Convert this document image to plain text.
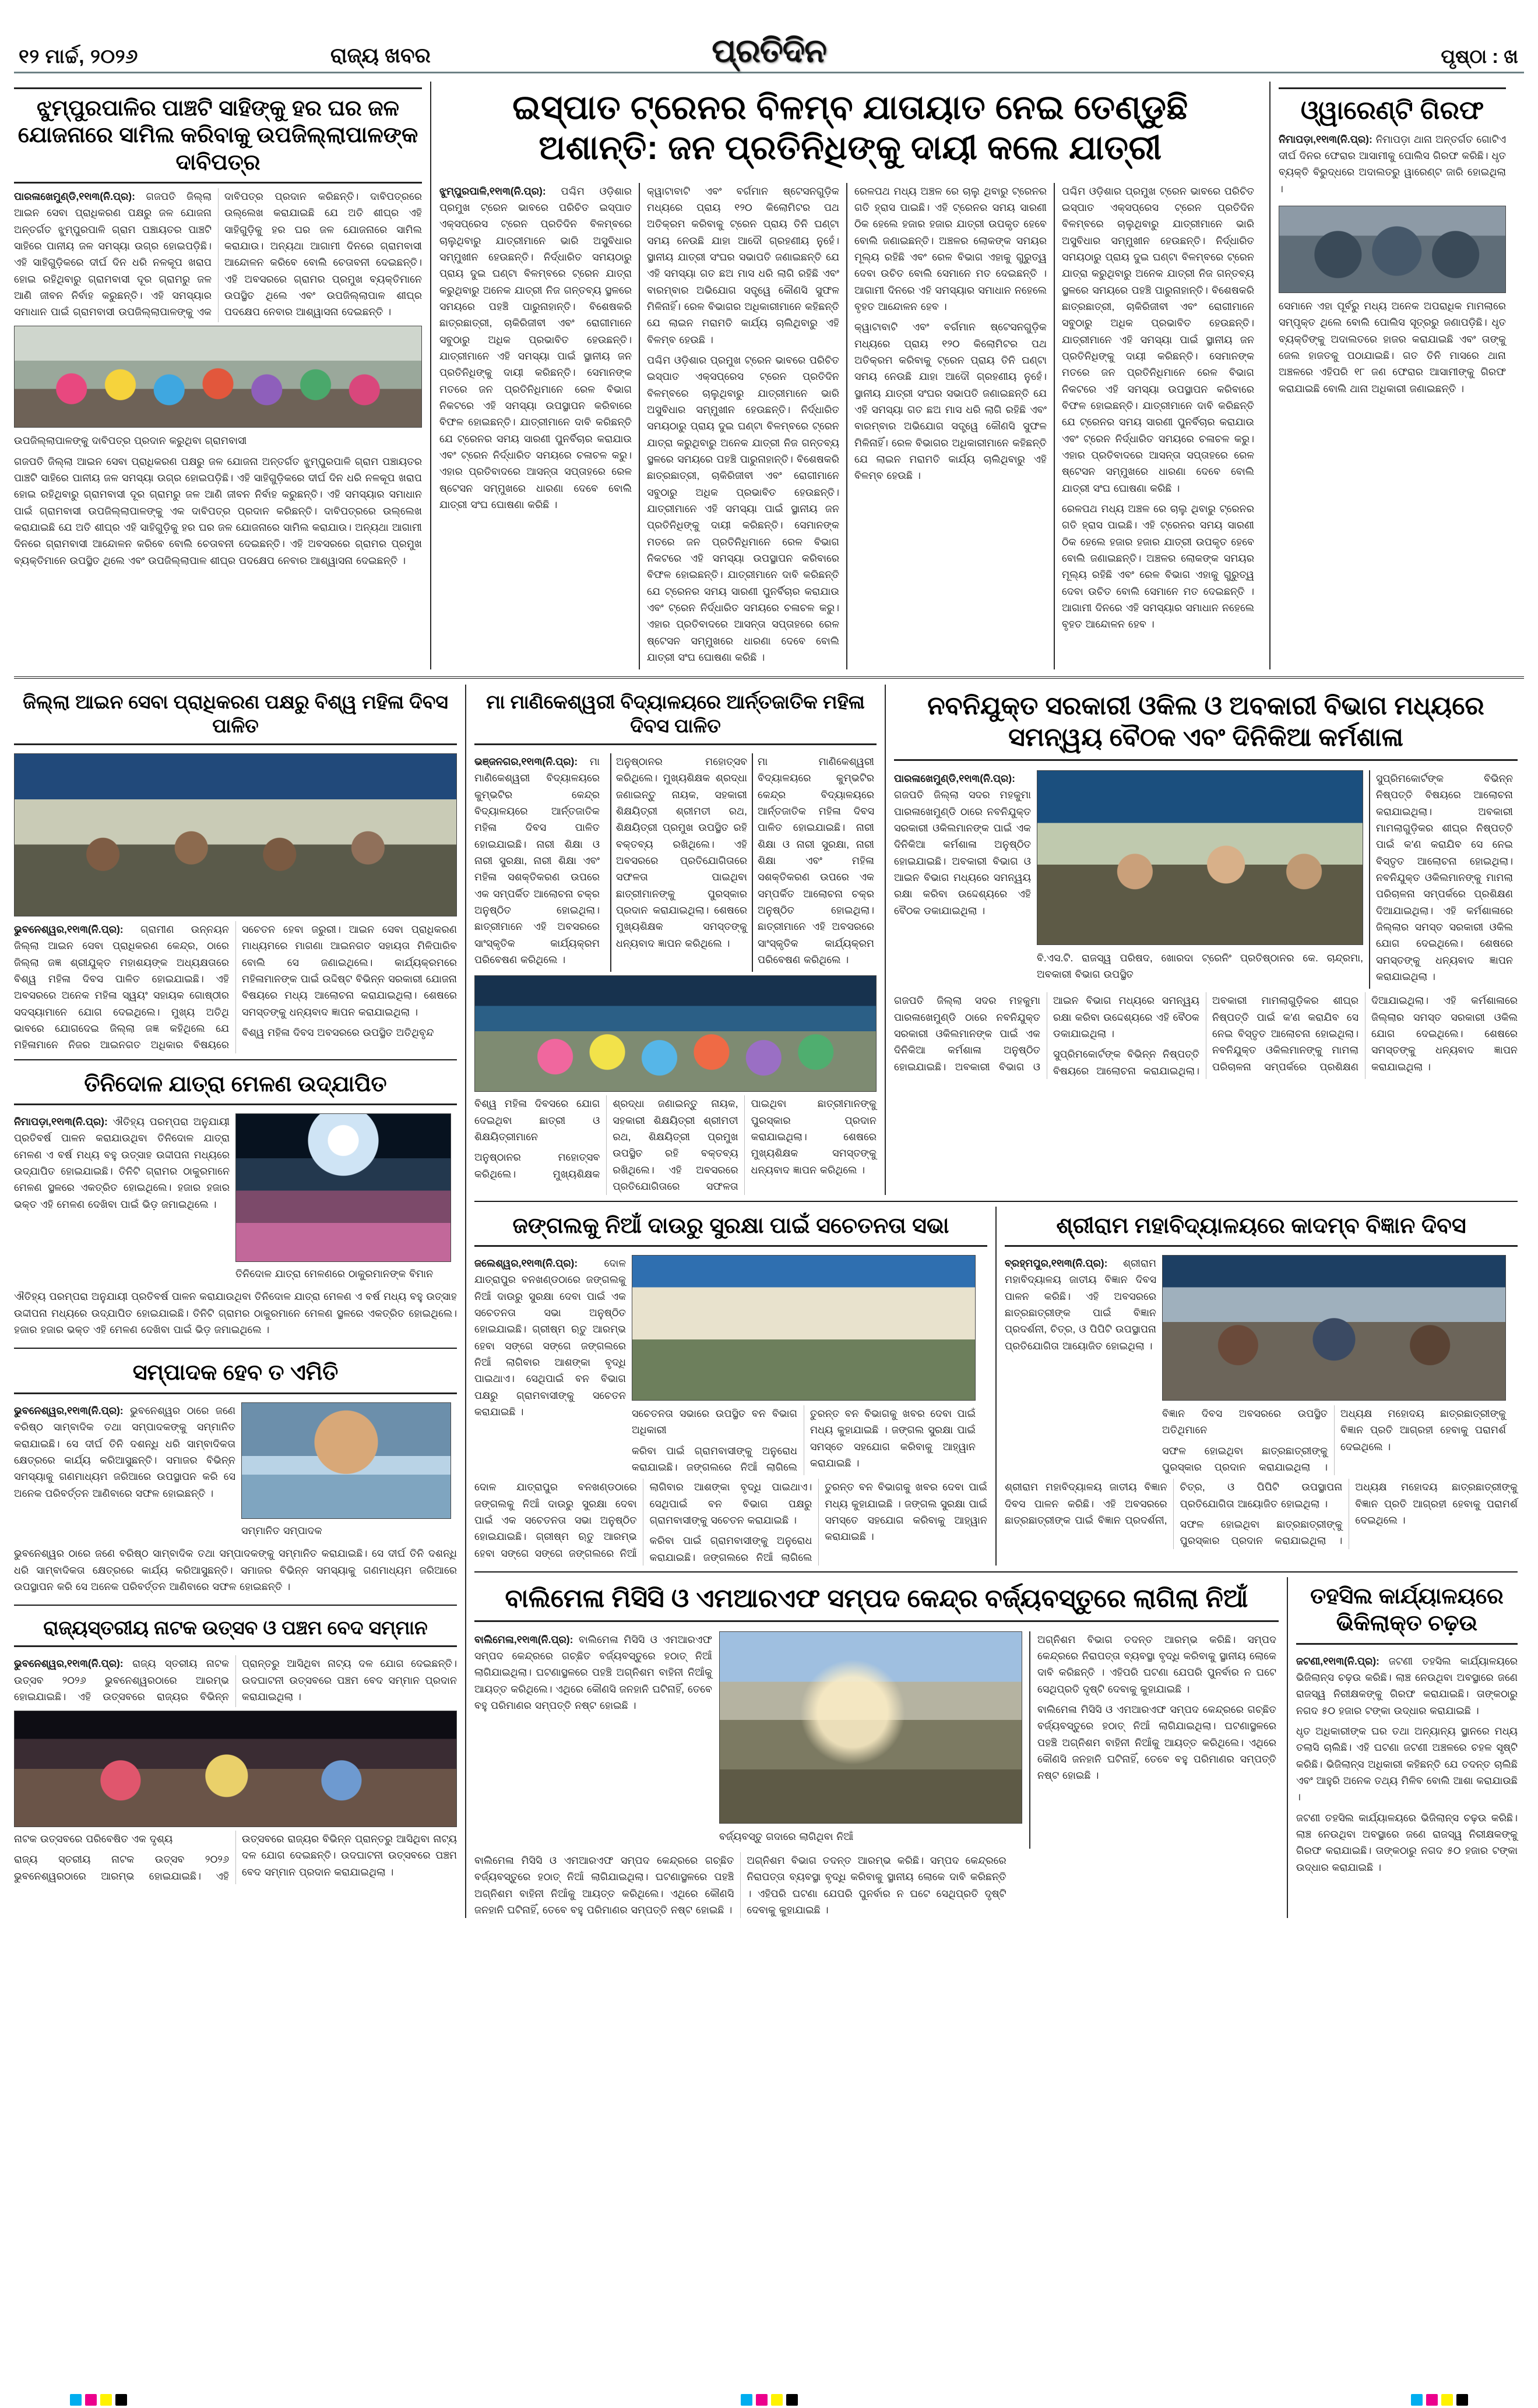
୧୨ ମାର୍ଚ୍ଚ, ୨୦୨୬	ରାଜ୍ୟ ଖବର	ପ୍ରତିଦିନ	ପୃଷ୍ଠା : ଖ
ଝୁମ୍ପୁରପାଳିର ପାଞ୍ଚଟି ସାହିଙ୍କୁ ହର ଘର ଜଳ ଯୋଜନାରେ ସାମିଲ କରିବାକୁ ଉପଜିଲ୍ଲାପାଳଙ୍କ ଦାବିପତ୍ର

ପାରଳାଖେମୁଣ୍ଡି,୧୧ା୩(ନି.ପ୍ର): ଗଜପତି ଜିଲ୍ଲା ଆଇନ ସେବା ପ୍ରାଧିକରଣ ପକ୍ଷରୁ ଜଳ ଯୋଜନା ଅନ୍ତର୍ଗତ ଝୁମ୍ପୁରପାଳି ଗ୍ରାମ ପଞ୍ଚାୟତର ପାଞ୍ଚଟି ସାହିରେ ପାନୀୟ ଜଳ ସମସ୍ୟା ଉଗ୍ର ହୋଇପଡ଼ିଛି। ଏହି ସାହିଗୁଡ଼ିକରେ ଦୀର୍ଘ ଦିନ ଧରି ନଳକୂପ ଖରାପ ହୋଇ ରହିଥିବାରୁ ଗ୍ରାମବାସୀ ଦୂର ଗ୍ରାମରୁ ଜଳ ଆଣି ଜୀବନ ନିର୍ବାହ କରୁଛନ୍ତି। ଏହି ସମସ୍ୟାର ସମାଧାନ ପାଇଁ ଗ୍ରାମବାସୀ ଉପଜିଲ୍ଲାପାଳଙ୍କୁ ଏକ ଦାବିପତ୍ର ପ୍ରଦାନ କରିଛନ୍ତି। ଦାବିପତ୍ରରେ ଉଲ୍ଲେଖ କରାଯାଇଛି ଯେ ଅତି ଶୀଘ୍ର ଏହି ସାହିଗୁଡ଼ିକୁ ହର ଘର ଜଳ ଯୋଜନାରେ ସାମିଲ କରାଯାଉ। ଅନ୍ୟଥା ଆଗାମୀ ଦିନରେ ଗ୍ରାମବାସୀ ଆନ୍ଦୋଳନ କରିବେ ବୋଲି ଚେତାବନୀ ଦେଇଛନ୍ତି। ଏହି ଅବସରରେ ଗ୍ରାମର ପ୍ରମୁଖ ବ୍ୟକ୍ତିମାନେ ଉପସ୍ଥିତ ଥିଲେ ଏବଂ ଉପଜିଲ୍ଲାପାଳ ଶୀଘ୍ର ପଦକ୍ଷେପ ନେବାର ଆଶ୍ୱାସନା ଦେଇଛନ୍ତି ।

ଉପଜିଲ୍ଲାପାଳଙ୍କୁ ଦାବିପତ୍ର ପ୍ରଦାନ କରୁଥିବା ଗ୍ରାମବାସୀ

ଗଜପତି ଜିଲ୍ଲା ଆଇନ ସେବା ପ୍ରାଧିକରଣ ପକ୍ଷରୁ ଜଳ ଯୋଜନା ଅନ୍ତର୍ଗତ ଝୁମ୍ପୁରପାଳି ଗ୍ରାମ ପଞ୍ଚାୟତର ପାଞ୍ଚଟି ସାହିରେ ପାନୀୟ ଜଳ ସମସ୍ୟା ଉଗ୍ର ହୋଇପଡ଼ିଛି। ଏହି ସାହିଗୁଡ଼ିକରେ ଦୀର୍ଘ ଦିନ ଧରି ନଳକୂପ ଖରାପ ହୋଇ ରହିଥିବାରୁ ଗ୍ରାମବାସୀ ଦୂର ଗ୍ରାମରୁ ଜଳ ଆଣି ଜୀବନ ନିର୍ବାହ କରୁଛନ୍ତି। ଏହି ସମସ୍ୟାର ସମାଧାନ ପାଇଁ ଗ୍ରାମବାସୀ ଉପଜିଲ୍ଲାପାଳଙ୍କୁ ଏକ ଦାବିପତ୍ର ପ୍ରଦାନ କରିଛନ୍ତି। ଦାବିପତ୍ରରେ ଉଲ୍ଲେଖ କରାଯାଇଛି ଯେ ଅତି ଶୀଘ୍ର ଏହି ସାହିଗୁଡ଼ିକୁ ହର ଘର ଜଳ ଯୋଜନାରେ ସାମିଲ କରାଯାଉ। ଅନ୍ୟଥା ଆଗାମୀ ଦିନରେ ଗ୍ରାମବାସୀ ଆନ୍ଦୋଳନ କରିବେ ବୋଲି ଚେତାବନୀ ଦେଇଛନ୍ତି। ଏହି ଅବସରରେ ଗ୍ରାମର ପ୍ରମୁଖ ବ୍ୟକ୍ତିମାନେ ଉପସ୍ଥିତ ଥିଲେ ଏବଂ ଉପଜିଲ୍ଲାପାଳ ଶୀଘ୍ର ପଦକ୍ଷେପ ନେବାର ଆଶ୍ୱାସନା ଦେଇଛନ୍ତି ।

ଇସ୍ପାତ ଟ୍ରେନର ବିଳମ୍ବ ଯାତାୟାତ ନେଇ ତେଣ୍ଡୁଛି
ଅଶାନ୍ତି: ଜନ ପ୍ରତିନିଧିଙ୍କୁ ଦାୟୀ କଲେ ଯାତ୍ରୀ

ଝୁମ୍ପୁରପାଳି,୧୧ା୩(ନି.ପ୍ର): ପଶ୍ଚିମ ଓଡ଼ିଶାର ପ୍ରମୁଖ ଟ୍ରେନ ଭାବରେ ପରିଚିତ ଇସ୍ପାତ ଏକ୍ସପ୍ରେସ ଟ୍ରେନ ପ୍ରତିଦିନ ବିଳମ୍ବରେ ଚାଲୁଥିବାରୁ ଯାତ୍ରୀମାନେ ଭାରି ଅସୁବିଧାର ସମ୍ମୁଖୀନ ହେଉଛନ୍ତି। ନିର୍ଦ୍ଧାରିତ ସମୟଠାରୁ ପ୍ରାୟ ଦୁଇ ଘଣ୍ଟା ବିଳମ୍ବରେ ଟ୍ରେନ ଯାତ୍ରା କରୁଥିବାରୁ ଅନେକ ଯାତ୍ରୀ ନିଜ ଗନ୍ତବ୍ୟ ସ୍ଥଳରେ ସମୟରେ ପହଞ୍ଚି ପାରୁନାହାନ୍ତି। ବିଶେଷକରି ଛାତ୍ରଛାତ୍ରୀ, ଚାକିରିଜୀବୀ ଏବଂ ରୋଗୀମାନେ ସବୁଠାରୁ ଅଧିକ ପ୍ରଭାବିତ ହେଉଛନ୍ତି। ଯାତ୍ରୀମାନେ ଏହି ସମସ୍ୟା ପାଇଁ ସ୍ଥାନୀୟ ଜନ ପ୍ରତିନିଧିଙ୍କୁ ଦାୟୀ କରିଛନ୍ତି। ସେମାନଙ୍କ ମତରେ ଜନ ପ୍ରତିନିଧିମାନେ ରେଳ ବିଭାଗ ନିକଟରେ ଏହି ସମସ୍ୟା ଉପସ୍ଥାପନ କରିବାରେ ବିଫଳ ହୋଇଛନ୍ତି। ଯାତ୍ରୀମାନେ ଦାବି କରିଛନ୍ତି ଯେ ଟ୍ରେନର ସମୟ ସାରଣୀ ପୁନର୍ବିଚାର କରାଯାଉ ଏବଂ ଟ୍ରେନ ନିର୍ଦ୍ଧାରିତ ସମୟରେ ଚଳାଚଳ କରୁ। ଏହାର ପ୍ରତିବାଦରେ ଆସନ୍ତା ସପ୍ତାହରେ ରେଳ ଷ୍ଟେସନ ସମ୍ମୁଖରେ ଧାରଣା ଦେବେ ବୋଲି ଯାତ୍ରୀ ସଂଘ ଘୋଷଣା କରିଛି ।

କ୍ୱାଟାବାଟି ଏବଂ ବର୍ଗମାନ ଷ୍ଟେସନଗୁଡ଼ିକ ମଧ୍ୟରେ ପ୍ରାୟ ୧୨୦ କିଲୋମିଟର ପଥ ଅତିକ୍ରମ କରିବାକୁ ଟ୍ରେନ ପ୍ରାୟ ତିନି ଘଣ୍ଟା ସମୟ ନେଉଛି ଯାହା ଆଦୌ ଗ୍ରହଣୀୟ ନୁହେଁ। ସ୍ଥାନୀୟ ଯାତ୍ରୀ ସଂଘର ସଭାପତି ଜଣାଇଛନ୍ତି ଯେ ଏହି ସମସ୍ୟା ଗତ ଛଅ ମାସ ଧରି ଲାଗି ରହିଛି ଏବଂ ବାରମ୍ବାର ଅଭିଯୋଗ ସତ୍ତ୍ୱେ କୌଣସି ସୁଫଳ ମିଳିନାହିଁ। ରେଳ ବିଭାଗର ଅଧିକାରୀମାନେ କହିଛନ୍ତି ଯେ ଲାଇନ ମରାମତି କାର୍ଯ୍ୟ ଚାଲିଥିବାରୁ ଏହି ବିଳମ୍ବ ହେଉଛି ।

ପଶ୍ଚିମ ଓଡ଼ିଶାର ପ୍ରମୁଖ ଟ୍ରେନ ଭାବରେ ପରିଚିତ ଇସ୍ପାତ ଏକ୍ସପ୍ରେସ ଟ୍ରେନ ପ୍ରତିଦିନ ବିଳମ୍ବରେ ଚାଲୁଥିବାରୁ ଯାତ୍ରୀମାନେ ଭାରି ଅସୁବିଧାର ସମ୍ମୁଖୀନ ହେଉଛନ୍ତି। ନିର୍ଦ୍ଧାରିତ ସମୟଠାରୁ ପ୍ରାୟ ଦୁଇ ଘଣ୍ଟା ବିଳମ୍ବରେ ଟ୍ରେନ ଯାତ୍ରା କରୁଥିବାରୁ ଅନେକ ଯାତ୍ରୀ ନିଜ ଗନ୍ତବ୍ୟ ସ୍ଥଳରେ ସମୟରେ ପହଞ୍ଚି ପାରୁନାହାନ୍ତି। ବିଶେଷକରି ଛାତ୍ରଛାତ୍ରୀ, ଚାକିରିଜୀବୀ ଏବଂ ରୋଗୀମାନେ ସବୁଠାରୁ ଅଧିକ ପ୍ରଭାବିତ ହେଉଛନ୍ତି। ଯାତ୍ରୀମାନେ ଏହି ସମସ୍ୟା ପାଇଁ ସ୍ଥାନୀୟ ଜନ ପ୍ରତିନିଧିଙ୍କୁ ଦାୟୀ କରିଛନ୍ତି। ସେମାନଙ୍କ ମତରେ ଜନ ପ୍ରତିନିଧିମାନେ ରେଳ ବିଭାଗ ନିକଟରେ ଏହି ସମସ୍ୟା ଉପସ୍ଥାପନ କରିବାରେ ବିଫଳ ହୋଇଛନ୍ତି। ଯାତ୍ରୀମାନେ ଦାବି କରିଛନ୍ତି ଯେ ଟ୍ରେନର ସମୟ ସାରଣୀ ପୁନର୍ବିଚାର କରାଯାଉ ଏବଂ ଟ୍ରେନ ନିର୍ଦ୍ଧାରିତ ସମୟରେ ଚଳାଚଳ କରୁ। ଏହାର ପ୍ରତିବାଦରେ ଆସନ୍ତା ସପ୍ତାହରେ ରେଳ ଷ୍ଟେସନ ସମ୍ମୁଖରେ ଧାରଣା ଦେବେ ବୋଲି ଯାତ୍ରୀ ସଂଘ ଘୋଷଣା କରିଛି ।

ରେଳପଥ ମଧ୍ୟ ଅଞ୍ଚଳ ରେ ଚାଲୁ ଥିବାରୁ ଟ୍ରେନର ଗତି ହ୍ରାସ ପାଇଛି। ଏହି ଟ୍ରେନର ସମୟ ସାରଣୀ ଠିକ ହେଲେ ହଜାର ହଜାର ଯାତ୍ରୀ ଉପକୃତ ହେବେ ବୋଲି ଜଣାଇଛନ୍ତି। ଅଞ୍ଚଳର ଲୋକଙ୍କ ସମୟର ମୂଲ୍ୟ ରହିଛି ଏବଂ ରେଳ ବିଭାଗ ଏହାକୁ ଗୁରୁତ୍ୱ ଦେବା ଉଚିତ ବୋଲି ସେମାନେ ମତ ଦେଇଛନ୍ତି । ଆଗାମୀ ଦିନରେ ଏହି ସମସ୍ୟାର ସମାଧାନ ନହେଲେ ବୃହତ ଆନ୍ଦୋଳନ ହେବ ।

କ୍ୱାଟାବାଟି ଏବଂ ବର୍ଗମାନ ଷ୍ଟେସନଗୁଡ଼ିକ ମଧ୍ୟରେ ପ୍ରାୟ ୧୨୦ କିଲୋମିଟର ପଥ ଅତିକ୍ରମ କରିବାକୁ ଟ୍ରେନ ପ୍ରାୟ ତିନି ଘଣ୍ଟା ସମୟ ନେଉଛି ଯାହା ଆଦୌ ଗ୍ରହଣୀୟ ନୁହେଁ। ସ୍ଥାନୀୟ ଯାତ୍ରୀ ସଂଘର ସଭାପତି ଜଣାଇଛନ୍ତି ଯେ ଏହି ସମସ୍ୟା ଗତ ଛଅ ମାସ ଧରି ଲାଗି ରହିଛି ଏବଂ ବାରମ୍ବାର ଅଭିଯୋଗ ସତ୍ତ୍ୱେ କୌଣସି ସୁଫଳ ମିଳିନାହିଁ। ରେଳ ବିଭାଗର ଅଧିକାରୀମାନେ କହିଛନ୍ତି ଯେ ଲାଇନ ମରାମତି କାର୍ଯ୍ୟ ଚାଲିଥିବାରୁ ଏହି ବିଳମ୍ବ ହେଉଛି ।

ପଶ୍ଚିମ ଓଡ଼ିଶାର ପ୍ରମୁଖ ଟ୍ରେନ ଭାବରେ ପରିଚିତ ଇସ୍ପାତ ଏକ୍ସପ୍ରେସ ଟ୍ରେନ ପ୍ରତିଦିନ ବିଳମ୍ବରେ ଚାଲୁଥିବାରୁ ଯାତ୍ରୀମାନେ ଭାରି ଅସୁବିଧାର ସମ୍ମୁଖୀନ ହେଉଛନ୍ତି। ନିର୍ଦ୍ଧାରିତ ସମୟଠାରୁ ପ୍ରାୟ ଦୁଇ ଘଣ୍ଟା ବିଳମ୍ବରେ ଟ୍ରେନ ଯାତ୍ରା କରୁଥିବାରୁ ଅନେକ ଯାତ୍ରୀ ନିଜ ଗନ୍ତବ୍ୟ ସ୍ଥଳରେ ସମୟରେ ପହଞ୍ଚି ପାରୁନାହାନ୍ତି। ବିଶେଷକରି ଛାତ୍ରଛାତ୍ରୀ, ଚାକିରିଜୀବୀ ଏବଂ ରୋଗୀମାନେ ସବୁଠାରୁ ଅଧିକ ପ୍ରଭାବିତ ହେଉଛନ୍ତି। ଯାତ୍ରୀମାନେ ଏହି ସମସ୍ୟା ପାଇଁ ସ୍ଥାନୀୟ ଜନ ପ୍ରତିନିଧିଙ୍କୁ ଦାୟୀ କରିଛନ୍ତି। ସେମାନଙ୍କ ମତରେ ଜନ ପ୍ରତିନିଧିମାନେ ରେଳ ବିଭାଗ ନିକଟରେ ଏହି ସମସ୍ୟା ଉପସ୍ଥାପନ କରିବାରେ ବିଫଳ ହୋଇଛନ୍ତି। ଯାତ୍ରୀମାନେ ଦାବି କରିଛନ୍ତି ଯେ ଟ୍ରେନର ସମୟ ସାରଣୀ ପୁନର୍ବିଚାର କରାଯାଉ ଏବଂ ଟ୍ରେନ ନିର୍ଦ୍ଧାରିତ ସମୟରେ ଚଳାଚଳ କରୁ। ଏହାର ପ୍ରତିବାଦରେ ଆସନ୍ତା ସପ୍ତାହରେ ରେଳ ଷ୍ଟେସନ ସମ୍ମୁଖରେ ଧାରଣା ଦେବେ ବୋଲି ଯାତ୍ରୀ ସଂଘ ଘୋଷଣା କରିଛି ।

ରେଳପଥ ମଧ୍ୟ ଅଞ୍ଚଳ ରେ ଚାଲୁ ଥିବାରୁ ଟ୍ରେନର ଗତି ହ୍ରାସ ପାଇଛି। ଏହି ଟ୍ରେନର ସମୟ ସାରଣୀ ଠିକ ହେଲେ ହଜାର ହଜାର ଯାତ୍ରୀ ଉପକୃତ ହେବେ ବୋଲି ଜଣାଇଛନ୍ତି। ଅଞ୍ଚଳର ଲୋକଙ୍କ ସମୟର ମୂଲ୍ୟ ରହିଛି ଏବଂ ରେଳ ବିଭାଗ ଏହାକୁ ଗୁରୁତ୍ୱ ଦେବା ଉଚିତ ବୋଲି ସେମାନେ ମତ ଦେଇଛନ୍ତି । ଆଗାମୀ ଦିନରେ ଏହି ସମସ୍ୟାର ସମାଧାନ ନହେଲେ ବୃହତ ଆନ୍ଦୋଳନ ହେବ ।

ଓ୍ୱାରେଣ୍ଟି ଗିରଫ

ନିମାପଡ଼ା,୧୧ା୩(ନି.ପ୍ର): ନିମାପଡ଼ା ଥାନା ଅନ୍ତର୍ଗତ ଗୋଟିଏ ଦୀର୍ଘ ଦିନର ଫେରାର ଆସାମୀକୁ ପୋଲିସ ଗିରଫ କରିଛି। ଧୃତ ବ୍ୟକ୍ତି ବିରୁଦ୍ଧରେ ଅଦାଲତରୁ ୱାରେଣ୍ଟ ଜାରି ହୋଇଥିଲା ।

ସେମାନେ ଏହା ପୂର୍ବରୁ ମଧ୍ୟ ଅନେକ ଅପରାଧିକ ମାମଲାରେ ସମ୍ପୃକ୍ତ ଥିଲେ ବୋଲି ପୋଲିସ ସୂତ୍ରରୁ ଜଣାପଡ଼ିଛି। ଧୃତ ବ୍ୟକ୍ତିଙ୍କୁ ଅଦାଲତରେ ହାଜର କରାଯାଇଛି ଏବଂ ତାଙ୍କୁ ଜେଲ ହାଜତକୁ ପଠାଯାଇଛି। ଗତ ତିନି ମାସରେ ଥାନା ଅଞ୍ଚଳରେ ଏହିପରି ୧୮ ଜଣ ଫେରାର ଆସାମୀଙ୍କୁ ଗିରଫ କରାଯାଇଛି ବୋଲି ଥାନା ଅଧିକାରୀ ଜଣାଇଛନ୍ତି ।

ଜିଲ୍ଲା ଆଇନ ସେବା ପ୍ରାଧିକରଣ ପକ୍ଷରୁ ବିଶ୍ୱ ମହିଳା ଦିବସ ପାଳିତ

ଭୁବନେଶ୍ୱର,୧୧ା୩(ନି.ପ୍ର): ଗ୍ରାମୀଣ ଉନ୍ନୟନ ଜିଲ୍ଲା ଆଇନ ସେବା ପ୍ରାଧିକରଣ କେନ୍ଦ୍ର, ଠାରେ ଜିଲ୍ଲା ଜଜ୍ଞ ଶ୍ରୀଯୁକ୍ତ ମହାଶୟଙ୍କ ଅଧ୍ୟକ୍ଷତାରେ ବିଶ୍ୱ ମହିଳା ଦିବସ ପାଳିତ ହୋଇଯାଇଛି। ଏହି ଅବସରରେ ଅନେକ ମହିଳା ସ୍ୱୟଂ ସହାୟକ ଗୋଷ୍ଠୀର ସଦସ୍ୟାମାନେ ଯୋଗ ଦେଇଥିଲେ। ମୁଖ୍ୟ ଅତିଥି ଭାବରେ ଯୋଗଦେଇ ଜିଲ୍ଲା ଜଜ୍ଞ କହିଥିଲେ ଯେ ମହିଳାମାନେ ନିଜର ଆଇନଗତ ଅଧିକାର ବିଷୟରେ ସଚେତନ ହେବା ଜରୁରୀ। ଆଇନ ସେବା ପ୍ରାଧିକରଣ ମାଧ୍ୟମରେ ମାଗଣା ଆଇନଗତ ସହାୟତା ମିଳିପାରିବ ବୋଲି ସେ ଜଣାଇଥିଲେ। କାର୍ଯ୍ୟକ୍ରମରେ ମହିଳାମାନଙ୍କ ପାଇଁ ଉଦ୍ଦିଷ୍ଟ ବିଭିନ୍ନ ସରକାରୀ ଯୋଜନା ବିଷୟରେ ମଧ୍ୟ ଆଲୋଚନା କରାଯାଇଥିଲା। ଶେଷରେ ସମସ୍ତଙ୍କୁ ଧନ୍ୟବାଦ ଜ୍ଞାପନ କରାଯାଇଥିଲା ।

ବିଶ୍ୱ ମହିଳା ଦିବସ ଅବସରରେ ଉପସ୍ଥିତ ଅତିଥିବୃନ୍ଦ

ତିନିଦୋଳ ଯାତ୍ରା ମେଳଣ ଉଦ୍ଯାପିତ

ନିମାପଡ଼ା,୧୧ା୩(ନି.ପ୍ର): ଐତିହ୍ୟ ପରମ୍ପରା ଅନୁଯାୟୀ ପ୍ରତିବର୍ଷ ପାଳନ କରାଯାଉଥିବା ତିନିଦୋଳ ଯାତ୍ରା ମେଳଣ ଏ ବର୍ଷ ମଧ୍ୟ ବହୁ ଉତ୍ସାହ ଉଦ୍ଦୀପନା ମଧ୍ୟରେ ଉଦ୍ଯାପିତ ହୋଇଯାଇଛି। ତିନିଟି ଗ୍ରାମର ଠାକୁରମାନେ ମେଳଣ ସ୍ଥଳରେ ଏକତ୍ରିତ ହୋଇଥିଲେ। ହଜାର ହଜାର ଭକ୍ତ ଏହି ମେଳଣ ଦେଖିବା ପାଇଁ ଭିଡ଼ ଜମାଇଥିଲେ ।

ତିନିଦୋଳ ଯାତ୍ରା ମେଳଣରେ ଠାକୁରମାନଙ୍କ ବିମାନ

ଐତିହ୍ୟ ପରମ୍ପରା ଅନୁଯାୟୀ ପ୍ରତିବର୍ଷ ପାଳନ କରାଯାଉଥିବା ତିନିଦୋଳ ଯାତ୍ରା ମେଳଣ ଏ ବର୍ଷ ମଧ୍ୟ ବହୁ ଉତ୍ସାହ ଉଦ୍ଦୀପନା ମଧ୍ୟରେ ଉଦ୍ଯାପିତ ହୋଇଯାଇଛି। ତିନିଟି ଗ୍ରାମର ଠାକୁରମାନେ ମେଳଣ ସ୍ଥଳରେ ଏକତ୍ରିତ ହୋଇଥିଲେ। ହଜାର ହଜାର ଭକ୍ତ ଏହି ମେଳଣ ଦେଖିବା ପାଇଁ ଭିଡ଼ ଜମାଇଥିଲେ ।

ସମ୍ପାଦକ ହେବ ତ ଏମିତି

ଭୁବନେଶ୍ୱର,୧୧ା୩(ନି.ପ୍ର): ଭୁବନେଶ୍ୱର ଠାରେ ଜଣେ ବରିଷ୍ଠ ସାମ୍ବାଦିକ ତଥା ସମ୍ପାଦକଙ୍କୁ ସମ୍ମାନିତ କରାଯାଇଛି। ସେ ଦୀର୍ଘ ତିନି ଦଶନ୍ଧି ଧରି ସାମ୍ବାଦିକତା କ୍ଷେତ୍ରରେ କାର୍ଯ୍ୟ କରିଆସୁଛନ୍ତି। ସମାଜର ବିଭିନ୍ନ ସମସ୍ୟାକୁ ଗଣମାଧ୍ୟମ ଜରିଆରେ ଉପସ୍ଥାପନ କରି ସେ ଅନେକ ପରିବର୍ତ୍ତନ ଆଣିବାରେ ସଫଳ ହୋଇଛନ୍ତି ।

ସମ୍ମାନିତ ସମ୍ପାଦକ

ଭୁବନେଶ୍ୱର ଠାରେ ଜଣେ ବରିଷ୍ଠ ସାମ୍ବାଦିକ ତଥା ସମ୍ପାଦକଙ୍କୁ ସମ୍ମାନିତ କରାଯାଇଛି। ସେ ଦୀର୍ଘ ତିନି ଦଶନ୍ଧି ଧରି ସାମ୍ବାଦିକତା କ୍ଷେତ୍ରରେ କାର୍ଯ୍ୟ କରିଆସୁଛନ୍ତି। ସମାଜର ବିଭିନ୍ନ ସମସ୍ୟାକୁ ଗଣମାଧ୍ୟମ ଜରିଆରେ ଉପସ୍ଥାପନ କରି ସେ ଅନେକ ପରିବର୍ତ୍ତନ ଆଣିବାରେ ସଫଳ ହୋଇଛନ୍ତି ।

ରାଜ୍ୟସ୍ତରୀୟ ନାଟକ ଉତ୍ସବ ଓ ପଞ୍ଚମ ବେଦ ସମ୍ମାନ

ଭୁବନେଶ୍ୱର,୧୧ା୩(ନି.ପ୍ର): ରାଜ୍ୟ ସ୍ତରୀୟ ନାଟକ ଉତ୍ସବ ୨୦୨୬ ଭୁବନେଶ୍ୱରଠାରେ ଆରମ୍ଭ ହୋଇଯାଇଛି। ଏହି ଉତ୍ସବରେ ରାଜ୍ୟର ବିଭିନ୍ନ ପ୍ରାନ୍ତରୁ ଆସିଥିବା ନାଟ୍ୟ ଦଳ ଯୋଗ ଦେଇଛନ୍ତି। ଉଦଘାଟନୀ ଉତ୍ସବରେ ପଞ୍ଚମ ବେଦ ସମ୍ମାନ ପ୍ରଦାନ କରାଯାଇଥିଲା ।

ନାଟକ ଉତ୍ସବରେ ପରିବେଷିତ ଏକ ଦୃଶ୍ୟ

ରାଜ୍ୟ ସ୍ତରୀୟ ନାଟକ ଉତ୍ସବ ୨୦୨୬ ଭୁବନେଶ୍ୱରଠାରେ ଆରମ୍ଭ ହୋଇଯାଇଛି। ଏହି ଉତ୍ସବରେ ରାଜ୍ୟର ବିଭିନ୍ନ ପ୍ରାନ୍ତରୁ ଆସିଥିବା ନାଟ୍ୟ ଦଳ ଯୋଗ ଦେଇଛନ୍ତି। ଉଦଘାଟନୀ ଉତ୍ସବରେ ପଞ୍ଚମ ବେଦ ସମ୍ମାନ ପ୍ରଦାନ କରାଯାଇଥିଲା ।

ମା ମାଣିକେଶ୍ୱରୀ ବିଦ୍ୟାଳୟରେ ଆର୍ନ୍ତଜାତିକ ମହିଳା ଦିବସ ପାଳିତ

ଭଞ୍ଜନଗର,୧୧ା୩(ନି.ପ୍ର): ମା ମାଣିକେଶ୍ୱରୀ ବିଦ୍ୟାଳୟରେ କୁମ୍ଭଟିର କେନ୍ଦ୍ର ବିଦ୍ୟାଳୟରେ ଆର୍ନ୍ତଜାତିକ ମହିଳା ଦିବସ ପାଳିତ ହୋଇଯାଇଛି। ନାରୀ ଶିକ୍ଷା ଓ ନାରୀ ସୁରକ୍ଷା, ନାରୀ ଶିକ୍ଷା ଏବଂ ମହିଳା ସଶକ୍ତିକରଣ ଉପରେ ଏକ ସମ୍ପର୍କିତ ଆଲୋଚନା ଚକ୍ର ଅନୁଷ୍ଠିତ ହୋଇଥିଲା। ଛାତ୍ରୀମାନେ ଏହି ଅବସରରେ ସାଂସ୍କୃତିକ କାର୍ଯ୍ୟକ୍ରମ ପରିବେଷଣ କରିଥିଲେ ।

ଅନୁଷ୍ଠାନର ମହୋତ୍ସବ କରିଥିଲେ। ମୁଖ୍ୟଶିକ୍ଷକ ଶ୍ରଦ୍ଧା ଜଣାଇନ୍ତୁ ନାୟକ, ସହକାରୀ ଶିକ୍ଷୟିତ୍ରୀ ଶ୍ରୀମତୀ ରଥ, ଶିକ୍ଷୟିତ୍ରୀ ପ୍ରମୁଖ ଉପସ୍ଥିତ ରହି ବକ୍ତବ୍ୟ ରଖିଥିଲେ। ଏହି ଅବସରରେ ପ୍ରତିଯୋଗିତାରେ ସଫଳତା ପାଇଥିବା ଛାତ୍ରୀମାନଙ୍କୁ ପୁରସ୍କାର ପ୍ରଦାନ କରାଯାଇଥିଲା। ଶେଷରେ ମୁଖ୍ୟଶିକ୍ଷକ ସମସ୍ତଙ୍କୁ ଧନ୍ୟବାଦ ଜ୍ଞାପନ କରିଥିଲେ ।

ମା ମାଣିକେଶ୍ୱରୀ ବିଦ୍ୟାଳୟରେ କୁମ୍ଭଟିର କେନ୍ଦ୍ର ବିଦ୍ୟାଳୟରେ ଆର୍ନ୍ତଜାତିକ ମହିଳା ଦିବସ ପାଳିତ ହୋଇଯାଇଛି। ନାରୀ ଶିକ୍ଷା ଓ ନାରୀ ସୁରକ୍ଷା, ନାରୀ ଶିକ୍ଷା ଏବଂ ମହିଳା ସଶକ୍ତିକରଣ ଉପରେ ଏକ ସମ୍ପର୍କିତ ଆଲୋଚନା ଚକ୍ର ଅନୁଷ୍ଠିତ ହୋଇଥିଲା। ଛାତ୍ରୀମାନେ ଏହି ଅବସରରେ ସାଂସ୍କୃତିକ କାର୍ଯ୍ୟକ୍ରମ ପରିବେଷଣ କରିଥିଲେ ।

ବିଶ୍ୱ ମହିଳା ଦିବସରେ ଯୋଗ ଦେଇଥିବା ଛାତ୍ରୀ ଓ ଶିକ୍ଷୟିତ୍ରୀମାନେ

ଅନୁଷ୍ଠାନର ମହୋତ୍ସବ କରିଥିଲେ। ମୁଖ୍ୟଶିକ୍ଷକ ଶ୍ରଦ୍ଧା ଜଣାଇନ୍ତୁ ନାୟକ, ସହକାରୀ ଶିକ୍ଷୟିତ୍ରୀ ଶ୍ରୀମତୀ ରଥ, ଶିକ୍ଷୟିତ୍ରୀ ପ୍ରମୁଖ ଉପସ୍ଥିତ ରହି ବକ୍ତବ୍ୟ ରଖିଥିଲେ। ଏହି ଅବସରରେ ପ୍ରତିଯୋଗିତାରେ ସଫଳତା ପାଇଥିବା ଛାତ୍ରୀମାନଙ୍କୁ ପୁରସ୍କାର ପ୍ରଦାନ କରାଯାଇଥିଲା। ଶେଷରେ ମୁଖ୍ୟଶିକ୍ଷକ ସମସ୍ତଙ୍କୁ ଧନ୍ୟବାଦ ଜ୍ଞାପନ କରିଥିଲେ ।

ନବନିଯୁକ୍ତ ସରକାରୀ ଓକିଲ ଓ ଅବକାରୀ ବିଭାଗ ମଧ୍ୟରେ ସମନ୍ୱୟ ବୈଠକ ଏବଂ ଦିନିକିଆ କର୍ମଶାଳା

ପାରଳାଖେମୁଣ୍ଡି,୧୧ା୩(ନି.ପ୍ର): ଗଜପତି ଜିଲ୍ଲା ସଦର ମହକୁମା ପାରଳାଖେମୁଣ୍ଡି ଠାରେ ନବନିଯୁକ୍ତ ସରକାରୀ ଓକିଲମାନଙ୍କ ପାଇଁ ଏକ ଦିନିକିଆ କର୍ମଶାଳା ଅନୁଷ୍ଠିତ ହୋଇଯାଇଛି। ଅବକାରୀ ବିଭାଗ ଓ ଆଇନ ବିଭାଗ ମଧ୍ୟରେ ସମନ୍ୱୟ ରକ୍ଷା କରିବା ଉଦ୍ଦେଶ୍ୟରେ ଏହି ବୈଠକ ଡକାଯାଇଥିଲା ।

ବି.ଏସ.ଟି. ରାଜସ୍ୱ ପରିଷଦ, ଖୋରଦା ଟ୍ରେନିଂ ପ୍ରତିଷ୍ଠାନର କେ. ଚାନ୍ଦ୍ରମା, ଅବକାରୀ ବିଭାଗ ଉପସ୍ଥିତ

ସୁପ୍ରିମକୋର୍ଟଙ୍କ ବିଭିନ୍ନ ନିଷ୍ପତ୍ତି ବିଷୟରେ ଆଲୋଚନା କରାଯାଇଥିଲା। ଅବକାରୀ ମାମଲାଗୁଡ଼ିକର ଶୀଘ୍ର ନିଷ୍ପତ୍ତି ପାଇଁ କ'ଣ କରାଯିବ ସେ ନେଇ ବିସ୍ତୃତ ଆଲୋଚନା ହୋଇଥିଲା। ନବନିଯୁକ୍ତ ଓକିଲମାନଙ୍କୁ ମାମଲା ପରିଚାଳନା ସମ୍ପର୍କରେ ପ୍ରଶିକ୍ଷଣ ଦିଆଯାଇଥିଲା। ଏହି କର୍ମଶାଳାରେ ଜିଲ୍ଲାର ସମସ୍ତ ସରକାରୀ ଓକିଲ ଯୋଗ ଦେଇଥିଲେ। ଶେଷରେ ସମସ୍ତଙ୍କୁ ଧନ୍ୟବାଦ ଜ୍ଞାପନ କରାଯାଇଥିଲା ।

ଗଜପତି ଜିଲ୍ଲା ସଦର ମହକୁମା ପାରଳାଖେମୁଣ୍ଡି ଠାରେ ନବନିଯୁକ୍ତ ସରକାରୀ ଓକିଲମାନଙ୍କ ପାଇଁ ଏକ ଦିନିକିଆ କର୍ମଶାଳା ଅନୁଷ୍ଠିତ ହୋଇଯାଇଛି। ଅବକାରୀ ବିଭାଗ ଓ ଆଇନ ବିଭାଗ ମଧ୍ୟରେ ସମନ୍ୱୟ ରକ୍ଷା କରିବା ଉଦ୍ଦେଶ୍ୟରେ ଏହି ବୈଠକ ଡକାଯାଇଥିଲା ।

ସୁପ୍ରିମକୋର୍ଟଙ୍କ ବିଭିନ୍ନ ନିଷ୍ପତ୍ତି ବିଷୟରେ ଆଲୋଚନା କରାଯାଇଥିଲା। ଅବକାରୀ ମାମଲାଗୁଡ଼ିକର ଶୀଘ୍ର ନିଷ୍ପତ୍ତି ପାଇଁ କ'ଣ କରାଯିବ ସେ ନେଇ ବିସ୍ତୃତ ଆଲୋଚନା ହୋଇଥିଲା। ନବନିଯୁକ୍ତ ଓକିଲମାନଙ୍କୁ ମାମଲା ପରିଚାଳନା ସମ୍ପର୍କରେ ପ୍ରଶିକ୍ଷଣ ଦିଆଯାଇଥିଲା। ଏହି କର୍ମଶାଳାରେ ଜିଲ୍ଲାର ସମସ୍ତ ସରକାରୀ ଓକିଲ ଯୋଗ ଦେଇଥିଲେ। ଶେଷରେ ସମସ୍ତଙ୍କୁ ଧନ୍ୟବାଦ ଜ୍ଞାପନ କରାଯାଇଥିଲା ।

ଜଙ୍ଗଲକୁ ନିଆଁ ଦାଉରୁ ସୁରକ୍ଷା ପାଇଁ ସଚେତନତା ସଭା

ଜଲେଶ୍ୱର,୧୧ା୩(ନି.ପ୍ର):	ଦୋଳ ଯାତ୍ରାପୁର ବନଖଣ୍ଡଠାରେ ଜଙ୍ଗଲକୁ ନିଆଁ ଦାଉରୁ ସୁରକ୍ଷା ଦେବା ପାଇଁ ଏକ ସଚେତନତା ସଭା ଅନୁଷ୍ଠିତ ହୋଇଯାଇଛି। ଗ୍ରୀଷ୍ମ ଋତୁ ଆରମ୍ଭ ହେବା ସଙ୍ଗେ ସଙ୍ଗେ ଜଙ୍ଗଲରେ ନିଆଁ ଲାଗିବାର ଆଶଙ୍କା ବୃଦ୍ଧି ପାଇଥାଏ। ସେଥିପାଇଁ ବନ ବିଭାଗ ପକ୍ଷରୁ ଗ୍ରାମବାସୀଙ୍କୁ ସଚେତନ କରାଯାଇଛି ।	ସଚେତନତା ସଭାରେ ଉପସ୍ଥିତ ବନ ବିଭାଗ ଅଧିକାରୀ

କରିବା ପାଇଁ ଗ୍ରାମବାସୀଙ୍କୁ ଅନୁରୋଧ କରାଯାଇଛି। ଜଙ୍ଗଲରେ ନିଆଁ ଲାଗିଲେ ତୁରନ୍ତ ବନ ବିଭାଗକୁ ଖବର ଦେବା ପାଇଁ ମଧ୍ୟ କୁହାଯାଇଛି । ଜଙ୍ଗଲ ସୁରକ୍ଷା ପାଇଁ ସମସ୍ତେ ସହଯୋଗ କରିବାକୁ ଆହ୍ୱାନ କରାଯାଇଛି ।

ଦୋଳ ଯାତ୍ରାପୁର ବନଖଣ୍ଡଠାରେ ଜଙ୍ଗଲକୁ ନିଆଁ ଦାଉରୁ ସୁରକ୍ଷା ଦେବା ପାଇଁ ଏକ ସଚେତନତା ସଭା ଅନୁଷ୍ଠିତ ହୋଇଯାଇଛି। ଗ୍ରୀଷ୍ମ ଋତୁ ଆରମ୍ଭ ହେବା ସଙ୍ଗେ ସଙ୍ଗେ ଜଙ୍ଗଲରେ ନିଆଁ ଲାଗିବାର ଆଶଙ୍କା ବୃଦ୍ଧି ପାଇଥାଏ। ସେଥିପାଇଁ ବନ ବିଭାଗ ପକ୍ଷରୁ ଗ୍ରାମବାସୀଙ୍କୁ ସଚେତନ କରାଯାଇଛି ।

କରିବା ପାଇଁ ଗ୍ରାମବାସୀଙ୍କୁ ଅନୁରୋଧ କରାଯାଇଛି। ଜଙ୍ଗଲରେ ନିଆଁ ଲାଗିଲେ ତୁରନ୍ତ ବନ ବିଭାଗକୁ ଖବର ଦେବା ପାଇଁ ମଧ୍ୟ କୁହାଯାଇଛି । ଜଙ୍ଗଲ ସୁରକ୍ଷା ପାଇଁ ସମସ୍ତେ ସହଯୋଗ କରିବାକୁ ଆହ୍ୱାନ କରାଯାଇଛି ।

ଶ୍ରୀରାମ ମହାବିଦ୍ୟାଳୟରେ କାଦମ୍ବ ବିଜ୍ଞାନ ଦିବସ

ବ୍ରହ୍ମପୁର,୧୧ା୩(ନି.ପ୍ର): ଶ୍ରୀରାମ ମହାବିଦ୍ୟାଳୟ ଜାତୀୟ ବିଜ୍ଞାନ ଦିବସ ପାଳନ କରିଛି। ଏହି ଅବସରରେ ଛାତ୍ରଛାତ୍ରୀଙ୍କ ପାଇଁ ବିଜ୍ଞାନ ପ୍ରଦର୍ଶନୀ, ଚିତ୍ର, ଓ ପିପିଟି ଉପସ୍ଥାପନା ପ୍ରତିଯୋଗିତା ଆୟୋଜିତ ହୋଇଥିଲା ।

ବିଜ୍ଞାନ ଦିବସ ଅବସରରେ ଉପସ୍ଥିତ ଅତିଥିମାନେ

ସଫଳ ହୋଇଥିବା ଛାତ୍ରଛାତ୍ରୀଙ୍କୁ ପୁରସ୍କାର ପ୍ରଦାନ କରାଯାଇଥିଲା । ଅଧ୍ୟକ୍ଷ ମହୋଦୟ ଛାତ୍ରଛାତ୍ରୀଙ୍କୁ ବିଜ୍ଞାନ ପ୍ରତି ଆଗ୍ରହୀ ହେବାକୁ ପରାମର୍ଶ ଦେଇଥିଲେ ।

ଶ୍ରୀରାମ ମହାବିଦ୍ୟାଳୟ ଜାତୀୟ ବିଜ୍ଞାନ ଦିବସ ପାଳନ କରିଛି। ଏହି ଅବସରରେ ଛାତ୍ରଛାତ୍ରୀଙ୍କ ପାଇଁ ବିଜ୍ଞାନ ପ୍ରଦର୍ଶନୀ, ଚିତ୍ର, ଓ ପିପିଟି ଉପସ୍ଥାପନା ପ୍ରତିଯୋଗିତା ଆୟୋଜିତ ହୋଇଥିଲା ।

ସଫଳ ହୋଇଥିବା ଛାତ୍ରଛାତ୍ରୀଙ୍କୁ ପୁରସ୍କାର ପ୍ରଦାନ କରାଯାଇଥିଲା । ଅଧ୍ୟକ୍ଷ ମହୋଦୟ ଛାତ୍ରଛାତ୍ରୀଙ୍କୁ ବିଜ୍ଞାନ ପ୍ରତି ଆଗ୍ରହୀ ହେବାକୁ ପରାମର୍ଶ ଦେଇଥିଲେ ।

ବାଲିମେଳା ମିସିସି ଓ ଏମଆରଏଫ ସମ୍ପଦ କେନ୍ଦ୍ର ବର୍ଜ୍ୟବସ୍ତୁରେ ଲାଗିଲା ନିଆଁ

ବାଲିମେଳା,୧୧ା୩(ନି.ପ୍ର): ବାଲିମେଳା ମିସିସି ଓ ଏମଆରଏଫ ସମ୍ପଦ କେନ୍ଦ୍ରରେ ଗଚ୍ଛିତ ବର୍ଜ୍ୟବସ୍ତୁରେ ହଠାତ୍ ନିଆଁ ଲାଗିଯାଇଥିଲା। ଘଟଣାସ୍ଥଳରେ ପହଞ୍ଚି ଅଗ୍ନିଶମ ବାହିନୀ ନିଆଁକୁ ଆୟତ୍ତ କରିଥିଲେ। ଏଥିରେ କୌଣସି ଜନହାନି ଘଟିନାହିଁ, ତେବେ ବହୁ ପରିମାଣର ସମ୍ପତ୍ତି ନଷ୍ଟ ହୋଇଛି ।

ବର୍ଜ୍ୟବସ୍ତୁ ଗଦାରେ ଲାଗିଥିବା ନିଆଁ

ଅଗ୍ନିଶମ ବିଭାଗ ତଦନ୍ତ ଆରମ୍ଭ କରିଛି। ସମ୍ପଦ କେନ୍ଦ୍ରରେ ନିରାପତ୍ତା ବ୍ୟବସ୍ଥା ବୃଦ୍ଧି କରିବାକୁ ସ୍ଥାନୀୟ ଲୋକେ ଦାବି କରିଛନ୍ତି । ଏହିପରି ଘଟଣା ଯେପରି ପୁନର୍ବାର ନ ଘଟେ ସେଥିପ୍ରତି ଦୃଷ୍ଟି ଦେବାକୁ କୁହାଯାଇଛି ।

ବାଲିମେଳା ମିସିସି ଓ ଏମଆରଏଫ ସମ୍ପଦ କେନ୍ଦ୍ରରେ ଗଚ୍ଛିତ ବର୍ଜ୍ୟବସ୍ତୁରେ ହଠାତ୍ ନିଆଁ ଲାଗିଯାଇଥିଲା। ଘଟଣାସ୍ଥଳରେ ପହଞ୍ଚି ଅଗ୍ନିଶମ ବାହିନୀ ନିଆଁକୁ ଆୟତ୍ତ କରିଥିଲେ। ଏଥିରେ କୌଣସି ଜନହାନି ଘଟିନାହିଁ, ତେବେ ବହୁ ପରିମାଣର ସମ୍ପତ୍ତି ନଷ୍ଟ ହୋଇଛି ।

ବାଲିମେଳା ମିସିସି ଓ ଏମଆରଏଫ ସମ୍ପଦ କେନ୍ଦ୍ରରେ ଗଚ୍ଛିତ ବର୍ଜ୍ୟବସ୍ତୁରେ ହଠାତ୍ ନିଆଁ ଲାଗିଯାଇଥିଲା। ଘଟଣାସ୍ଥଳରେ ପହଞ୍ଚି ଅଗ୍ନିଶମ ବାହିନୀ ନିଆଁକୁ ଆୟତ୍ତ କରିଥିଲେ। ଏଥିରେ କୌଣସି ଜନହାନି ଘଟିନାହିଁ, ତେବେ ବହୁ ପରିମାଣର ସମ୍ପତ୍ତି ନଷ୍ଟ ହୋଇଛି ।

ଅଗ୍ନିଶମ ବିଭାଗ ତଦନ୍ତ ଆରମ୍ଭ କରିଛି। ସମ୍ପଦ କେନ୍ଦ୍ରରେ ନିରାପତ୍ତା ବ୍ୟବସ୍ଥା ବୃଦ୍ଧି କରିବାକୁ ସ୍ଥାନୀୟ ଲୋକେ ଦାବି କରିଛନ୍ତି । ଏହିପରି ଘଟଣା ଯେପରି ପୁନର୍ବାର ନ ଘଟେ ସେଥିପ୍ରତି ଦୃଷ୍ଟି ଦେବାକୁ କୁହାଯାଇଛି ।

ତହସିଲ କାର୍ଯ୍ୟାଳୟରେ ଭିକିଲାକ୍ତ ଚଢ଼ଉ

ଜଟଣୀ,୧୧ା୩(ନି.ପ୍ର): ଜଟଣୀ ତହସିଲ କାର୍ଯ୍ୟାଳୟରେ ଭିଜିଲାନ୍ସ ଚଢ଼ଉ କରିଛି। ଲାଞ୍ଚ ନେଉଥିବା ଅବସ୍ଥାରେ ଜଣେ ରାଜସ୍ୱ ନିରୀକ୍ଷକଙ୍କୁ ଗିରଫ କରାଯାଇଛି। ତାଙ୍କଠାରୁ ନଗଦ ୫୦ ହଜାର ଟଙ୍କା ଉଦ୍ଧାର କରାଯାଇଛି ।

ଧୃତ ଅଧିକାରୀଙ୍କ ଘର ତଥା ଅନ୍ୟାନ୍ୟ ସ୍ଥାନରେ ମଧ୍ୟ ତଲାସି ଚାଲିଛି। ଏହି ଘଟଣା ଜଟଣୀ ଅଞ୍ଚଳରେ ଚହଳ ସୃଷ୍ଟି କରିଛି। ଭିଜିଲାନ୍ସ ଅଧିକାରୀ କହିଛନ୍ତି ଯେ ତଦନ୍ତ ଚାଲିଛି ଏବଂ ଆହୁରି ଅନେକ ତଥ୍ୟ ମିଳିବ ବୋଲି ଆଶା କରାଯାଉଛି ।

ଜଟଣୀ ତହସିଲ କାର୍ଯ୍ୟାଳୟରେ ଭିଜିଲାନ୍ସ ଚଢ଼ଉ କରିଛି। ଲାଞ୍ଚ ନେଉଥିବା ଅବସ୍ଥାରେ ଜଣେ ରାଜସ୍ୱ ନିରୀକ୍ଷକଙ୍କୁ ଗିରଫ କରାଯାଇଛି। ତାଙ୍କଠାରୁ ନଗଦ ୫୦ ହଜାର ଟଙ୍କା ଉଦ୍ଧାର କରାଯାଇଛି ।
